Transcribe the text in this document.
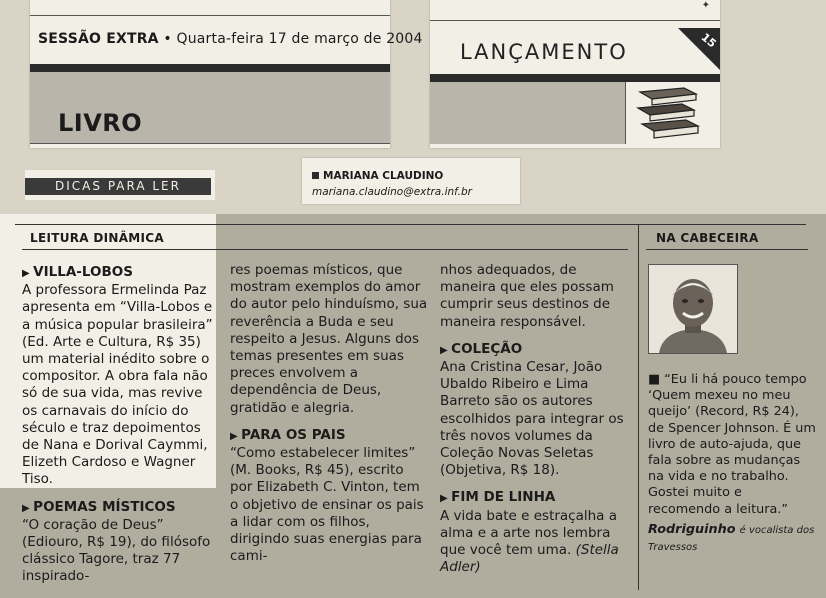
SESSÃO EXTRA • Quarta-feira 17 de março de 2004
LIVRO
✦
LANÇAMENTO	15
DICAS PARA LER
MARIANA CLAUDINO
mariana.claudino@extra.inf.br
LEITURA DINÂMICA	NA CABECEIRA
▶ VILLA-LOBOS

A professora Ermelinda Paz apresenta em “Villa-Lobos e a música popular brasileira” (Ed. Arte e Cultura, R$ 35) um material inédito sobre o compositor. A obra fala não só de sua vida, mas revive os carnavais do início do século e traz depoimentos de Nana e Dorival Caymmi, Elizeth Cardoso e Wagner Tiso.

▶ POEMAS MÍSTICOS

“O coração de Deus” (Ediouro, R$ 19), do filósofo clássico Tagore, traz 77 inspirado-

res poemas místicos, que mostram exemplos do amor do autor pelo hinduísmo, sua reverência a Buda e seu respeito a Jesus. Alguns dos temas presentes em suas preces envolvem a dependência de Deus, gratidão e alegria.

▶ PARA OS PAIS

“Como estabelecer limites” (M. Books, R$ 45), escrito por Elizabeth C. Vinton, tem o objetivo de ensinar os pais a lidar com os filhos, dirigindo suas energias para cami-

nhos adequados, de maneira que eles possam cumprir seus destinos de maneira responsável.

▶ COLEÇÃO

Ana Cristina Cesar, João Ubaldo Ribeiro e Lima Barreto são os autores escolhidos para integrar os três novos volumes da Coleção Novas Seletas (Objetiva, R$ 18).

▶ FIM DE LINHA

A vida bate e estraçalha a alma e a arte nos lembra que você tem uma. (Stella Adler)

■ “Eu li há pouco tempo ‘Quem mexeu no meu queijo’ (Record, R$ 24), de Spencer Johnson. É um livro de auto-ajuda, que fala sobre as mudanças na vida e no trabalho. Gostei muito e recomendo a leitura.”

Rodriguinho é vocalista dos Travessos
